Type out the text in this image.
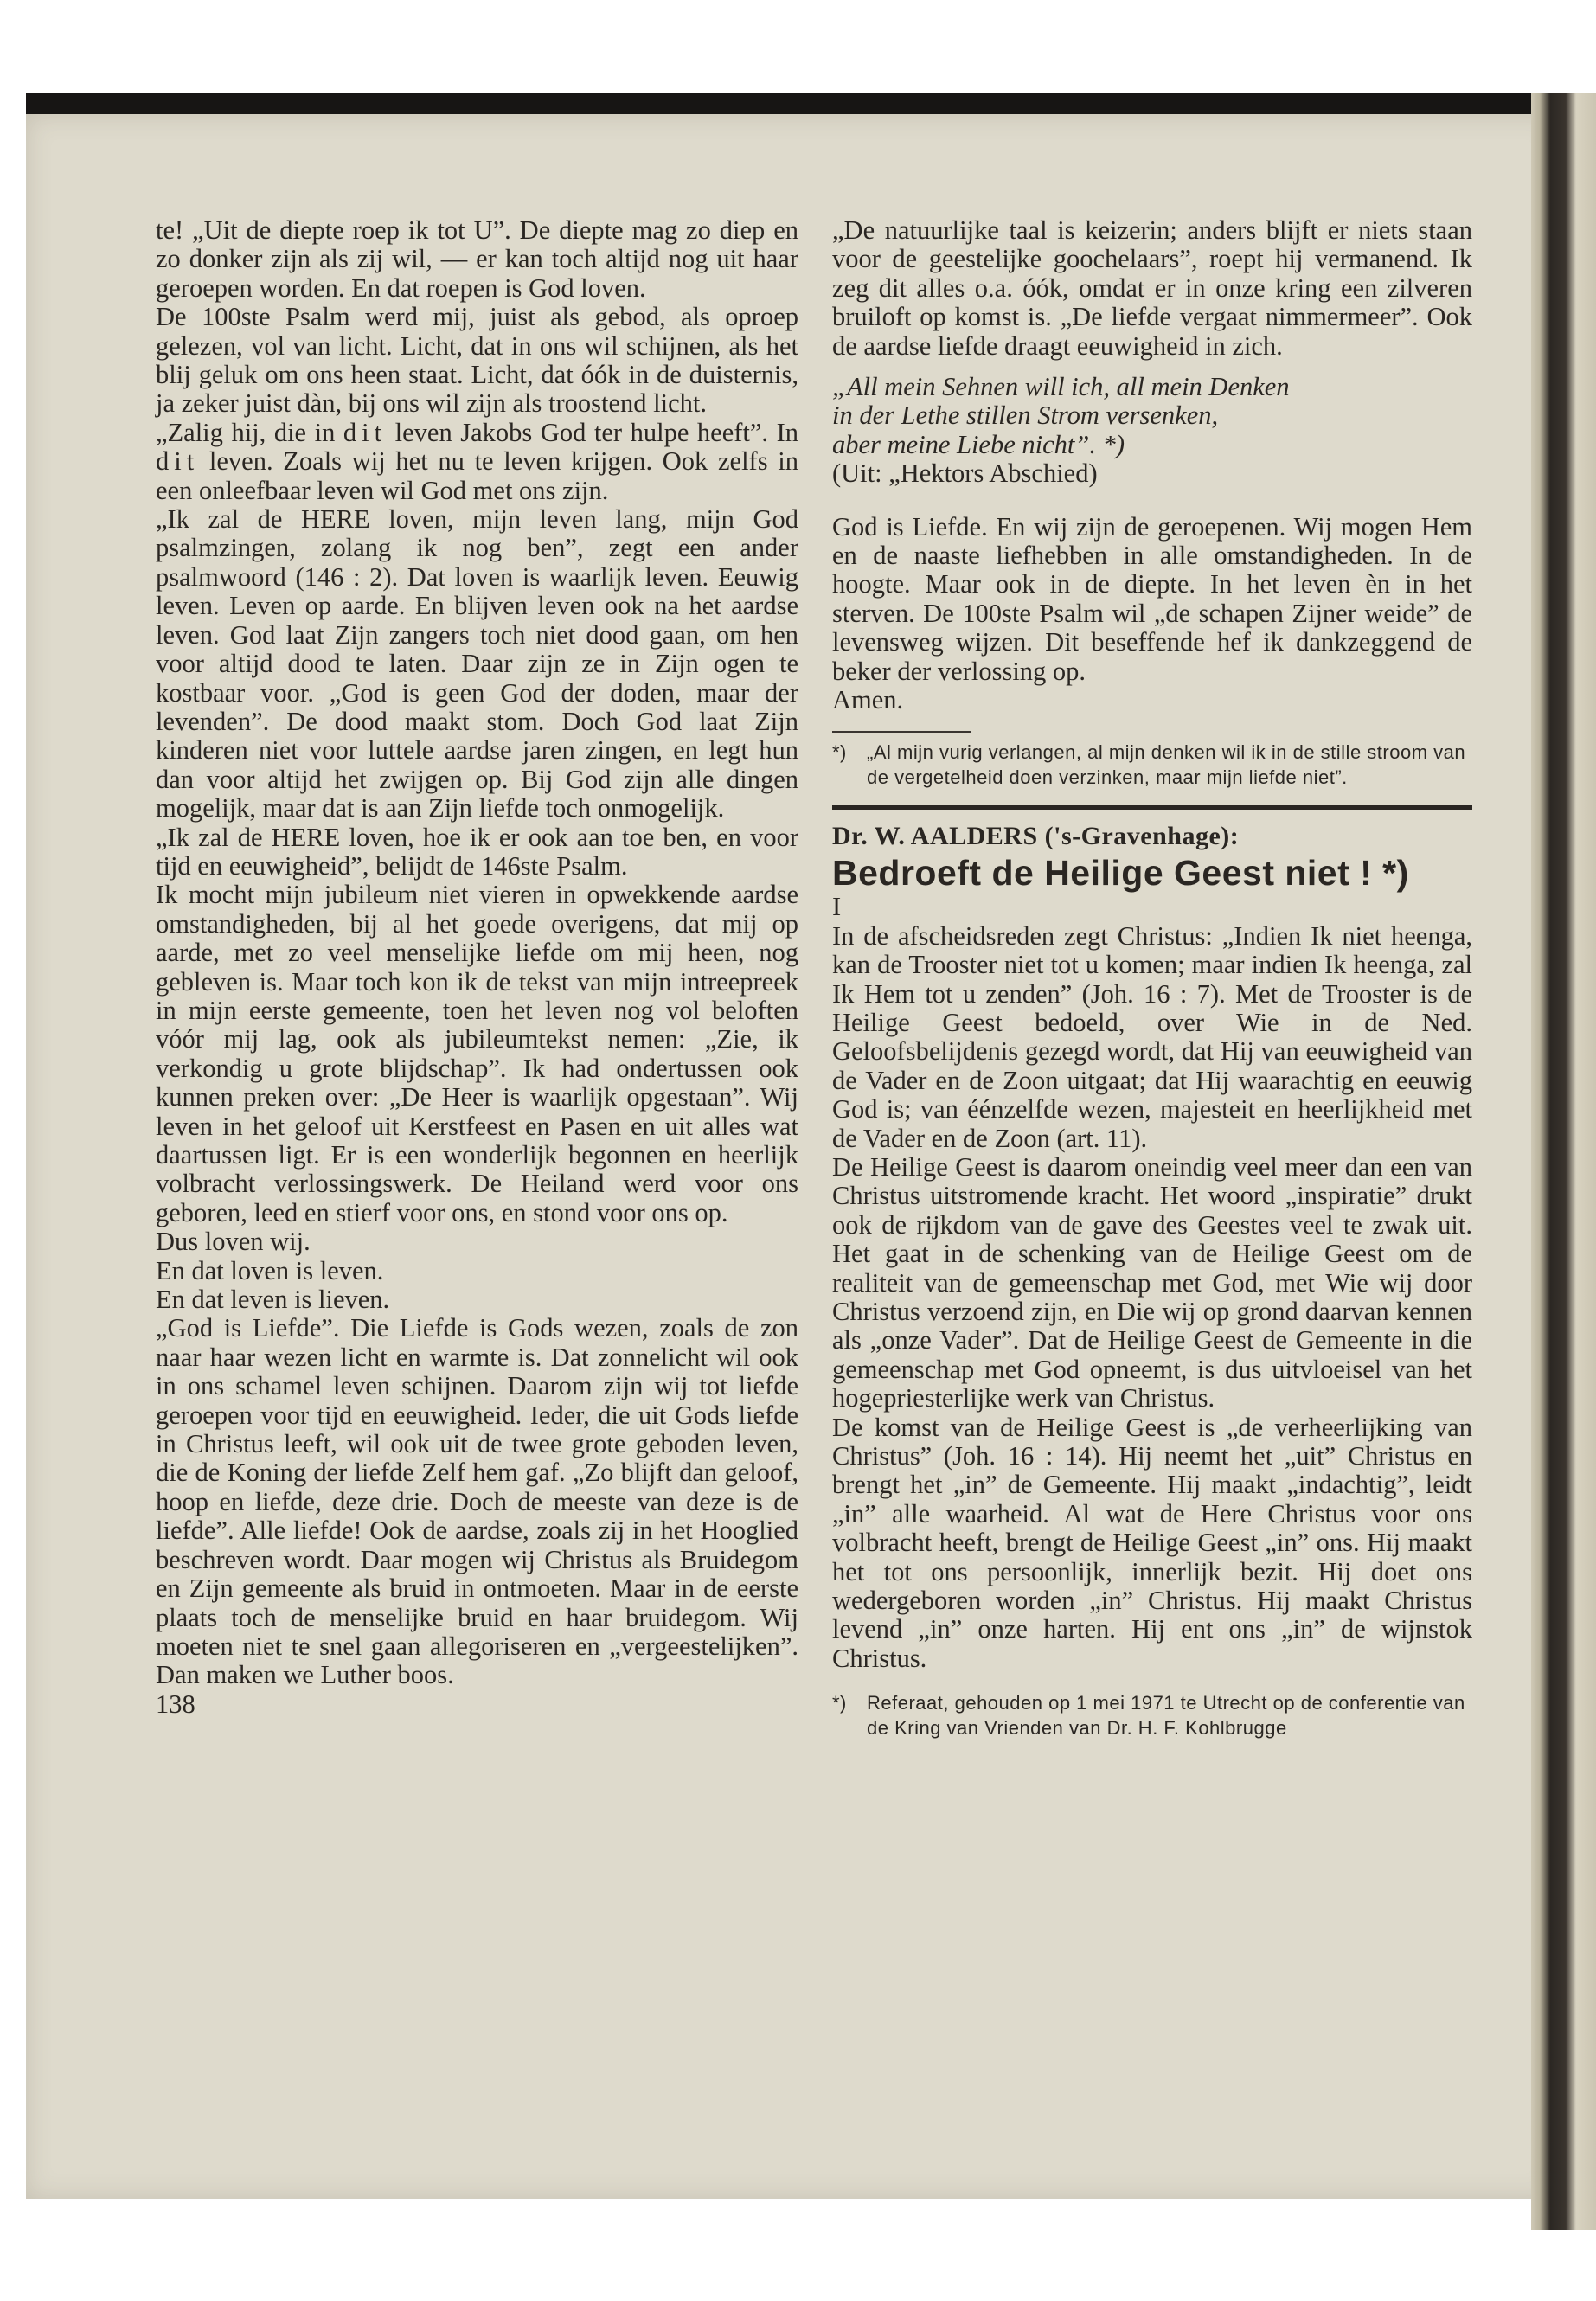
te! „Uit de diepte roep ik tot U”. De diepte mag zo diep en zo donker zijn als zij wil, — er kan toch altijd nog uit haar geroepen worden. En dat roepen is God loven.

De 100ste Psalm werd mij, juist als gebod, als oproep gelezen, vol van licht. Licht, dat in ons wil schijnen, als het blij geluk om ons heen staat. Licht, dat óók in de duisternis, ja zeker juist dàn, bij ons wil zijn als troostend licht.

„Zalig hij, die in dit leven Jakobs God ter hulpe heeft”. In dit leven. Zoals wij het nu te leven krijgen. Ook zelfs in een onleefbaar leven wil God met ons zijn.

„Ik zal de HERE loven, mijn leven lang, mijn God psalmzingen, zolang ik nog ben”, zegt een ander psalmwoord (146 : 2). Dat loven is waarlijk leven. Eeuwig leven. Leven op aarde. En blijven leven ook na het aardse leven. God laat Zijn zangers toch niet dood gaan, om hen voor altijd dood te laten. Daar zijn ze in Zijn ogen te kostbaar voor. „God is geen God der doden, maar der levenden”. De dood maakt stom. Doch God laat Zijn kinderen niet voor luttele aardse jaren zingen, en legt hun dan voor altijd het zwijgen op. Bij God zijn alle dingen mogelijk, maar dat is aan Zijn liefde toch onmogelijk.

„Ik zal de HERE loven, hoe ik er ook aan toe ben, en voor tijd en eeuwigheid”, belijdt de 146ste Psalm.

Ik mocht mijn jubileum niet vieren in opwekkende aardse omstandigheden, bij al het goede overigens, dat mij op aarde, met zo veel menselijke liefde om mij heen, nog gebleven is. Maar toch kon ik de tekst van mijn intreepreek in mijn eerste gemeente, toen het leven nog vol beloften vóór mij lag, ook als jubileumtekst nemen: „Zie, ik verkondig u grote blijdschap”. Ik had ondertussen ook kunnen preken over: „De Heer is waarlijk opgestaan”. Wij leven in het geloof uit Kerstfeest en Pasen en uit alles wat daartussen ligt. Er is een wonderlijk begonnen en heerlijk volbracht verlossingswerk. De Heiland werd voor ons geboren, leed en stierf voor ons, en stond voor ons op.

Dus loven wij.

En dat loven is leven.

En dat leven is lieven.

„God is Liefde”. Die Liefde is Gods wezen, zoals de zon naar haar wezen licht en warmte is. Dat zonnelicht wil ook in ons schamel leven schijnen. Daarom zijn wij tot liefde geroepen voor tijd en eeuwigheid. Ieder, die uit Gods liefde in Christus leeft, wil ook uit de twee grote geboden leven, die de Koning der liefde Zelf hem gaf. „Zo blijft dan geloof, hoop en liefde, deze drie. Doch de meeste van deze is de liefde”. Alle liefde! Ook de aardse, zoals zij in het Hooglied beschreven wordt. Daar mogen wij Christus als Bruidegom en Zijn gemeente als bruid in ontmoeten. Maar in de eerste plaats toch de menselijke bruid en haar bruidegom. Wij moeten niet te snel gaan allegoriseren en „vergeestelijken”. Dan maken we Luther boos.

138

„De natuurlijke taal is keizerin; anders blijft er niets staan voor de geestelijke goochelaars”, roept hij vermanend. Ik zeg dit alles o.a. óók, omdat er in onze kring een zilveren bruiloft op komst is. „De liefde vergaat nimmermeer”. Ook de aardse liefde draagt eeuwigheid in zich.

„All mein Sehnen will ich, all mein Denken
in der Lethe stillen Strom versenken,
aber meine Liebe nicht”. *)

(Uit: „Hektors Abschied)

God is Liefde. En wij zijn de geroepenen. Wij mogen Hem en de naaste liefhebben in alle omstandigheden. In de hoogte. Maar ook in de diepte. In het leven èn in het sterven. De 100ste Psalm wil „de schapen Zijner weide” de levensweg wijzen. Dit beseffende hef ik dankzeggend de beker der verlossing op.

Amen.

*)	„Al mijn vurig verlangen, al mijn denken wil ik in de stille stroom van de vergetelheid doen verzinken, maar mijn liefde niet”.
Dr. W. AALDERS ('s-Gravenhage):
Bedroeft de Heilige Geest niet ! *)

I

In de afscheidsreden zegt Christus: „Indien Ik niet heenga, kan de Trooster niet tot u komen; maar indien Ik heenga, zal Ik Hem tot u zenden” (Joh. 16 : 7). Met de Trooster is de Heilige Geest bedoeld, over Wie in de Ned. Geloofsbelijdenis gezegd wordt, dat Hij van eeuwigheid van de Vader en de Zoon uitgaat; dat Hij waarachtig en eeuwig God is; van éénzelfde wezen, majesteit en heerlijkheid met de Vader en de Zoon (art. 11).

De Heilige Geest is daarom oneindig veel meer dan een van Christus uitstromende kracht. Het woord „inspiratie” drukt ook de rijkdom van de gave des Geestes veel te zwak uit. Het gaat in de schenking van de Heilige Geest om de realiteit van de gemeenschap met God, met Wie wij door Christus verzoend zijn, en Die wij op grond daarvan kennen als „onze Vader”. Dat de Heilige Geest de Gemeente in die gemeenschap met God opneemt, is dus uitvloeisel van het hogepriesterlijke werk van Christus.

De komst van de Heilige Geest is „de verheerlijking van Christus” (Joh. 16 : 14). Hij neemt het „uit” Christus en brengt het „in” de Gemeente. Hij maakt „indachtig”, leidt „in” alle waarheid. Al wat de Here Christus voor ons volbracht heeft, brengt de Heilige Geest „in” ons. Hij maakt het tot ons persoonlijk, innerlijk bezit. Hij doet ons wedergeboren worden „in” Christus. Hij maakt Christus levend „in” onze harten. Hij ent ons „in” de wijnstok Christus.

*)	Referaat, gehouden op 1 mei 1971 te Utrecht op de conferentie van de Kring van Vrienden van Dr. H. F. Kohlbrugge
